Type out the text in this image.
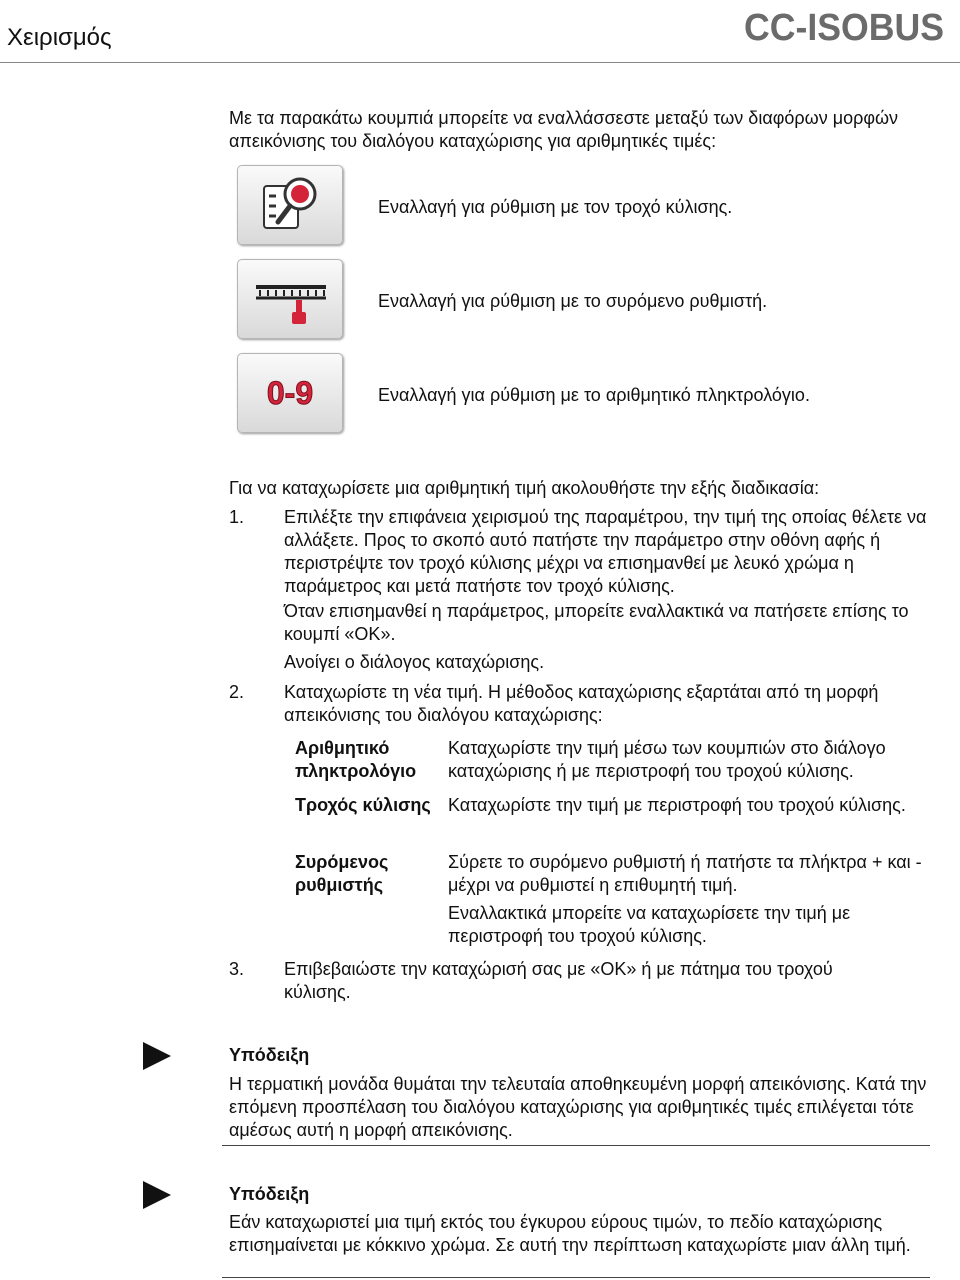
Χειρισμός	CC-ISOBUS

Με τα παρακάτω κουμπιά μπορείτε να εναλλάσσεστε μεταξύ των διαφόρων μορφών απεικόνισης του διαλόγου καταχώρισης για αριθμητικές τιμές:

Εναλλαγή για ρύθμιση με τον τροχό κύλισης.
Εναλλαγή για ρύθμιση με το συρόμενο ρυθμιστή.
0-9	Εναλλαγή για ρύθμιση με το αριθμητικό πληκτρολόγιο.

Για να καταχωρίσετε μια αριθμητική τιμή ακολουθήστε την εξής διαδικασία:

1. Επιλέξτε την επιφάνεια χειρισμού της παραμέτρου, την τιμή της οποίας θέλετε να αλλάξετε. Προς το σκοπό αυτό πατήστε την παράμετρο στην οθόνη αφής ή περιστρέψτε τον τροχό κύλισης μέχρι να επισημανθεί με λευκό χρώμα η παράμετρος και μετά πατήστε τον τροχό κύλισης.

Όταν επισημανθεί η παράμετρος, μπορείτε εναλλακτικά να πατήσετε επίσης το κουμπί «OK».

Ανοίγει ο διάλογος καταχώρισης.

2. Καταχωρίστε τη νέα τιμή. Η μέθοδος καταχώρισης εξαρτάται από τη μορφή απεικόνισης του διαλόγου καταχώρισης:

Αριθμητικό πληκτρολόγιο

Καταχωρίστε την τιμή μέσω των κουμπιών στο διάλογο καταχώρισης ή με περιστροφή του τροχού κύλισης.

Τροχός κύλισης Καταχωρίστε την τιμή με περιστροφή του τροχού κύλισης.

Συρόμενος ρυθμιστής

Σύρετε το συρόμενο ρυθμιστή ή πατήστε τα πλήκτρα + και - μέχρι να ρυθμιστεί η επιθυμητή τιμή.

Εναλλακτικά μπορείτε να καταχωρίσετε την τιμή με περιστροφή του τροχού κύλισης.

3. Επιβεβαιώστε την καταχώρισή σας με «OK» ή με πάτημα του τροχού κύλισης.

Υπόδειξη

Η τερματική μονάδα θυμάται την τελευταία αποθηκευμένη μορφή απεικόνισης. Κατά την επόμενη προσπέλαση του διαλόγου καταχώρισης για αριθμητικές τιμές επιλέγεται τότε αμέσως αυτή η μορφή απεικόνισης.

Υπόδειξη

Εάν καταχωριστεί μια τιμή εκτός του έγκυρου εύρους τιμών, το πεδίο καταχώρισης επισημαίνεται με κόκκινο χρώμα. Σε αυτή την περίπτωση καταχωρίστε μιαν άλλη τιμή.
